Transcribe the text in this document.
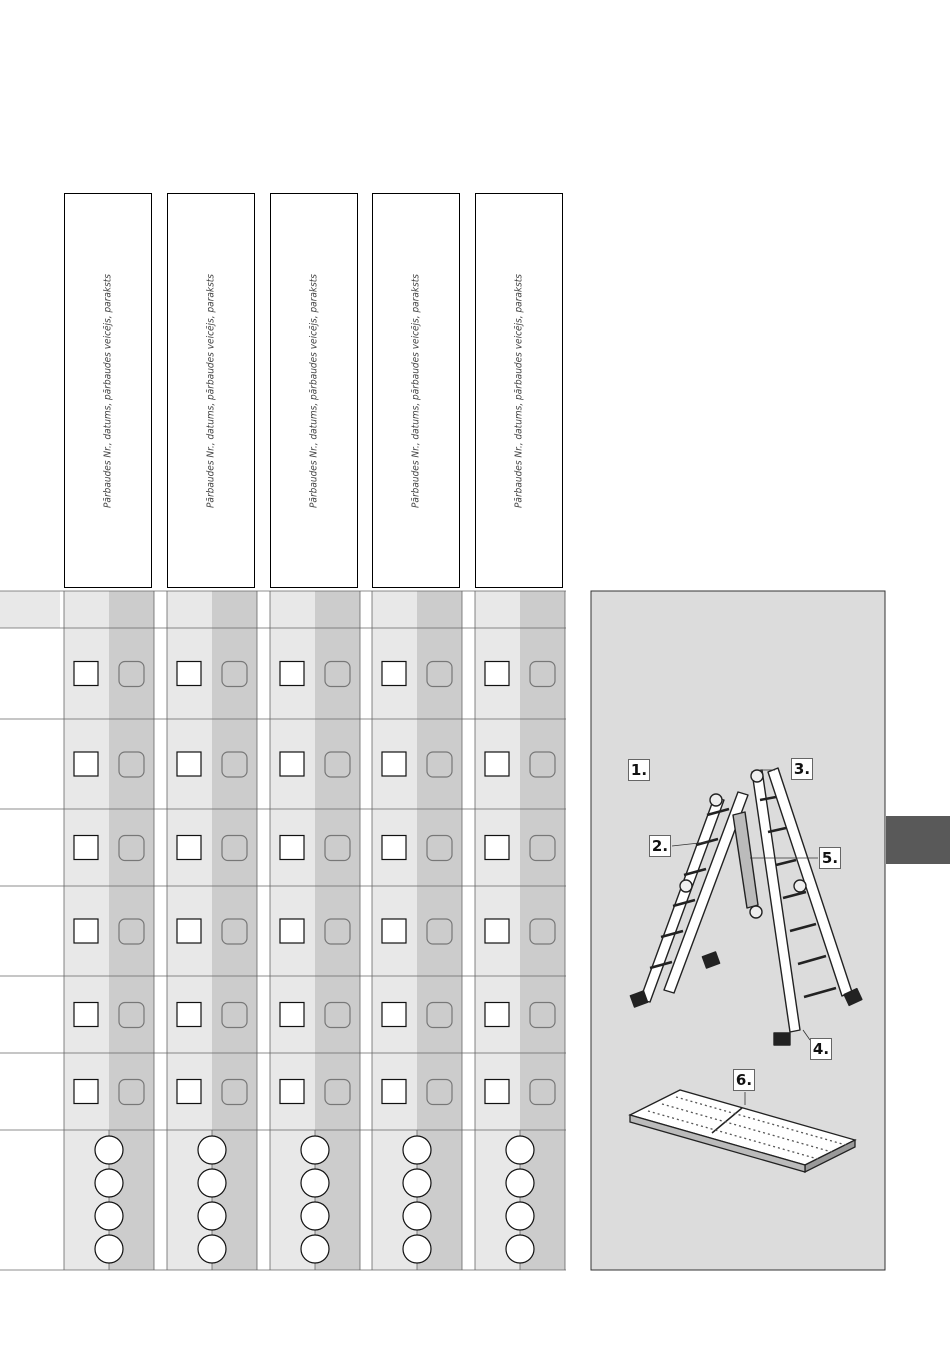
Pārbaudes Nr., datums, pārbaudes veicējs, paraksts	Pārbaudes Nr., datums, pārbaudes veicējs, paraksts	Pārbaudes Nr., datums, pārbaudes veicējs, paraksts	Pārbaudes Nr., datums, pārbaudes veicējs, paraksts	Pārbaudes Nr., datums, pārbaudes veicējs, paraksts
1.
2.
3.
4.
5.
6.
